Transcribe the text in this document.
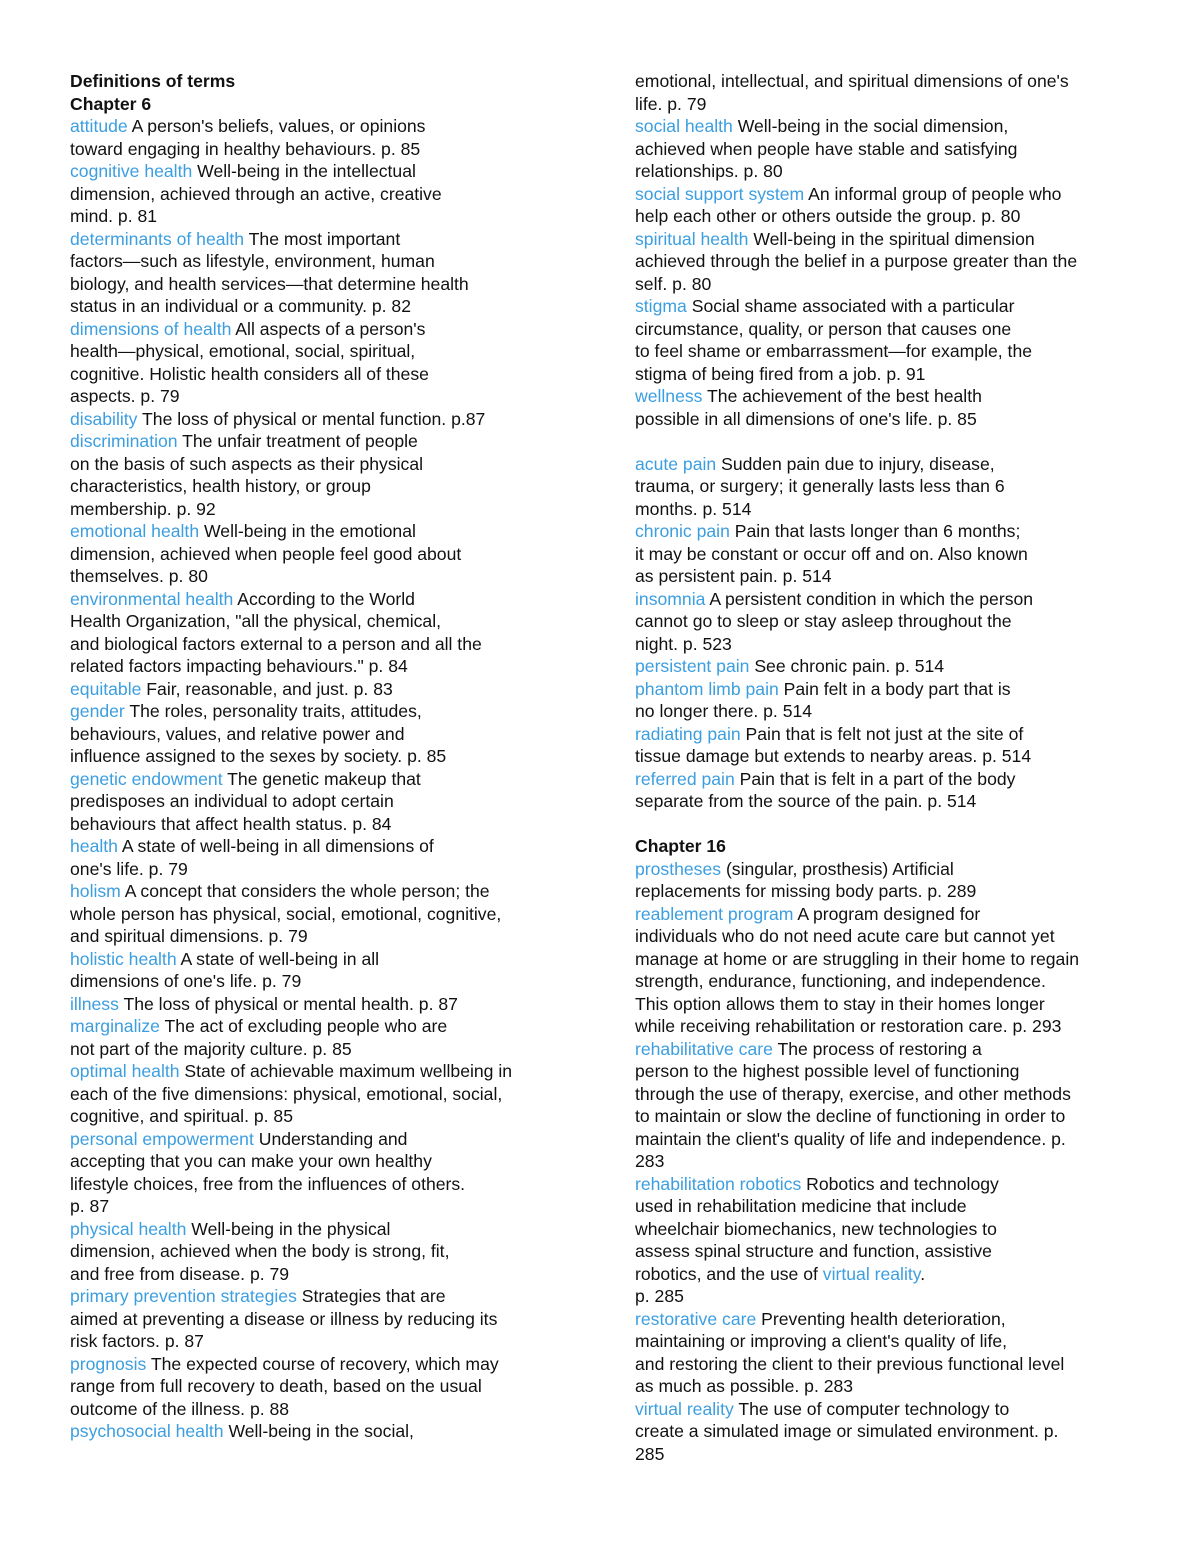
Definitions of terms
Chapter 6
attitude A person's beliefs, values, or opinions
toward engaging in healthy behaviours. p. 85
cognitive health Well-being in the intellectual
dimension, achieved through an active, creative
mind. p. 81
determinants of health The most important
factors—such as lifestyle, environment, human
biology, and health services—that determine health
status in an individual or a community. p. 82
dimensions of health All aspects of a person's
health—physical, emotional, social, spiritual,
cognitive. Holistic health considers all of these
aspects. p. 79
disability The loss of physical or mental function. p.87
discrimination The unfair treatment of people
on the basis of such aspects as their physical
characteristics, health history, or group
membership. p. 92
emotional health Well-being in the emotional
dimension, achieved when people feel good about
themselves. p. 80
environmental health According to the World
Health Organization, "all the physical, chemical,
and biological factors external to a person and all the
related factors impacting behaviours." p. 84
equitable Fair, reasonable, and just. p. 83
gender The roles, personality traits, attitudes,
behaviours, values, and relative power and
influence assigned to the sexes by society. p. 85
genetic endowment The genetic makeup that
predisposes an individual to adopt certain
behaviours that affect health status. p. 84
health A state of well-being in all dimensions of
one's life. p. 79
holism A concept that considers the whole person; the
whole person has physical, social, emotional, cognitive,
and spiritual dimensions. p. 79
holistic health A state of well-being in all
dimensions of one's life. p. 79
illness The loss of physical or mental health. p. 87
marginalize The act of excluding people who are
not part of the majority culture. p. 85
optimal health State of achievable maximum wellbeing in
each of the five dimensions: physical, emotional, social,
cognitive, and spiritual. p. 85
personal empowerment Understanding and
accepting that you can make your own healthy
lifestyle choices, free from the influences of others.
p. 87
physical health Well-being in the physical
dimension, achieved when the body is strong, fit,
and free from disease. p. 79
primary prevention strategies Strategies that are
aimed at preventing a disease or illness by reducing its
risk factors. p. 87
prognosis The expected course of recovery, which may
range from full recovery to death, based on the usual
outcome of the illness. p. 88
psychosocial health Well-being in the social,
emotional, intellectual, and spiritual dimensions of one's
life. p. 79
social health Well-being in the social dimension,
achieved when people have stable and satisfying
relationships. p. 80
social support system An informal group of people who
help each other or others outside the group. p. 80
spiritual health Well-being in the spiritual dimension
achieved through the belief in a purpose greater than the
self. p. 80
stigma Social shame associated with a particular
circumstance, quality, or person that causes one
to feel shame or embarrassment—for example, the
stigma of being fired from a job. p. 91
wellness The achievement of the best health
possible in all dimensions of one's life. p. 85
acute pain Sudden pain due to injury, disease,
trauma, or surgery; it generally lasts less than 6
months. p. 514
chronic pain Pain that lasts longer than 6 months;
it may be constant or occur off and on. Also known
as persistent pain. p. 514
insomnia A persistent condition in which the person
cannot go to sleep or stay asleep throughout the
night. p. 523
persistent pain See chronic pain. p. 514
phantom limb pain Pain felt in a body part that is
no longer there. p. 514
radiating pain Pain that is felt not just at the site of
tissue damage but extends to nearby areas. p. 514
referred pain Pain that is felt in a part of the body
separate from the source of the pain. p. 514
Chapter 16
prostheses (singular, prosthesis) Artificial
replacements for missing body parts. p. 289
reablement program A program designed for
individuals who do not need acute care but cannot yet
manage at home or are struggling in their home to regain
strength, endurance, functioning, and independence.
This option allows them to stay in their homes longer
while receiving rehabilitation or restoration care. p. 293
rehabilitative care The process of restoring a
person to the highest possible level of functioning
through the use of therapy, exercise, and other methods
to maintain or slow the decline of functioning in order to
maintain the client's quality of life and independence. p.
283
rehabilitation robotics Robotics and technology
used in rehabilitation medicine that include
wheelchair biomechanics, new technologies to
assess spinal structure and function, assistive
robotics, and the use of virtual reality.
p. 285
restorative care Preventing health deterioration,
maintaining or improving a client's quality of life,
and restoring the client to their previous functional level
as much as possible. p. 283
virtual reality The use of computer technology to
create a simulated image or simulated environment. p.
285
